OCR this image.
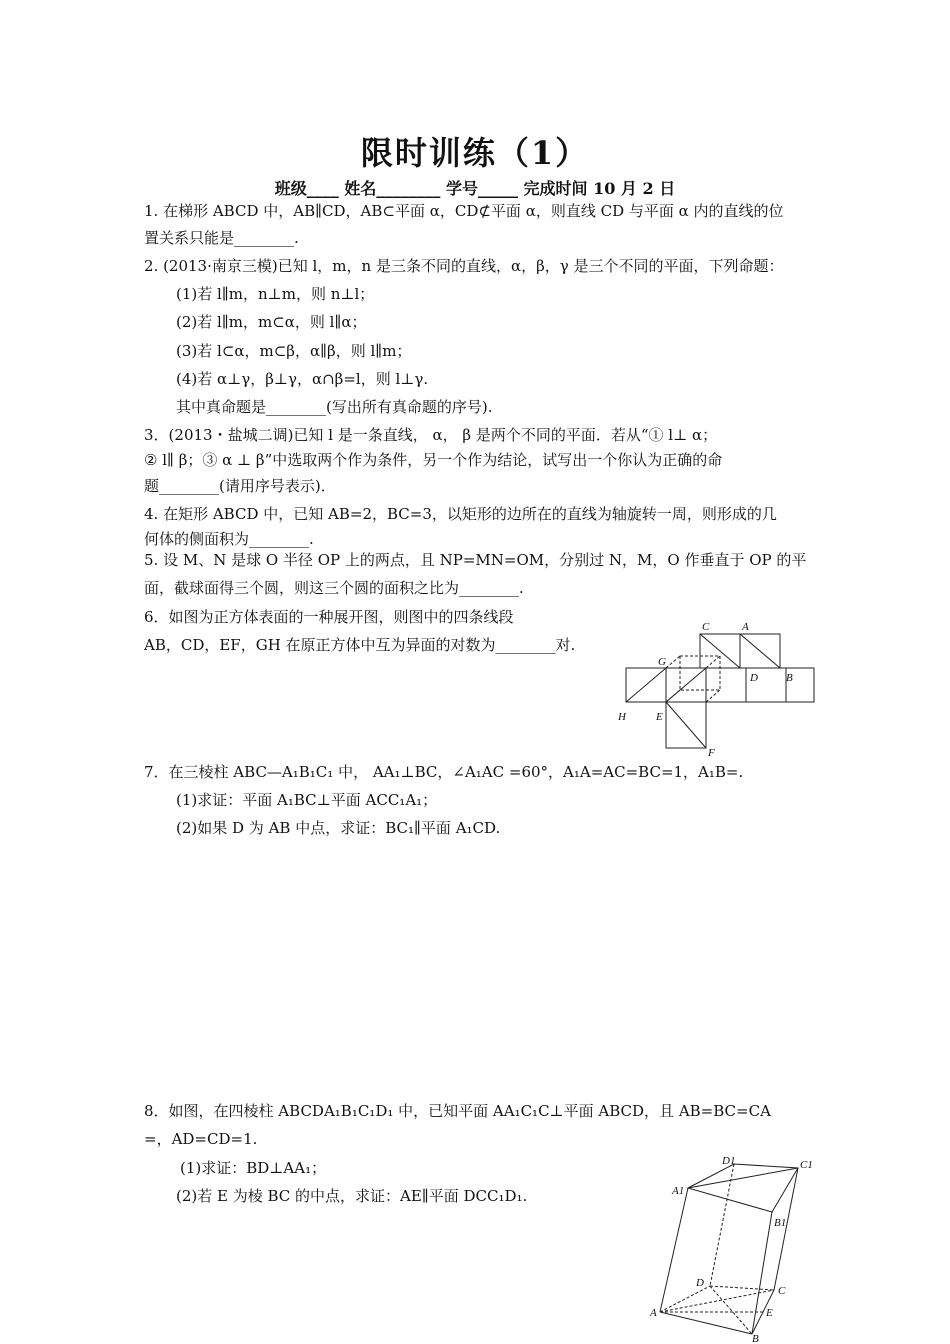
限时训练（1）
班级____ 姓名________ 学号_____ 完成时间 10 月 2 日
1. 在梯形 ABCD 中，AB∥CD，AB⊂平面 α，CD⊄平面 α，则直线 CD 与平面 α 内的直线的位
置关系只能是________.
2. (2013·南京三模)已知 l，m，n 是三条不同的直线，α，β，γ 是三个不同的平面，下列命题：
(1)若 l∥m，n⊥m，则 n⊥l；
(2)若 l∥m，m⊂α，则 l∥α；
(3)若 l⊂α，m⊂β，α∥β，则 l∥m；
(4)若 α⊥γ，β⊥γ，α∩β=l，则 l⊥γ.
其中真命题是________(写出所有真命题的序号).
3．(2013・盐城二调)已知 l 是一条直线， α， β 是两个不同的平面．若从“① l⊥ α；
② l∥ β；③ α ⊥ β”中选取两个作为条件，另一个作为结论，试写出一个你认为正确的命
题________(请用序号表示)．
4. 在矩形 ABCD 中，已知 AB=2，BC=3，以矩形的边所在的直线为轴旋转一周，则形成的几
何体的侧面积为________.
5. 设 M、N 是球 O 半径 OP 上的两点，且 NP=MN=OM，分别过 N，M，O 作垂直于 OP 的平
面，截球面得三个圆，则这三个圆的面积之比为________.
6．如图为正方体表面的一种展开图，则图中的四条线段
AB，CD，EF，GH 在原正方体中互为异面的对数为________对.
C	A
G
D	B
H	E
F
7．在三棱柱 ABC—A₁B₁C₁ 中， AA₁⊥BC，∠A₁AC =60°，A₁A=AC=BC=1，A₁B=.
(1)求证：平面 A₁BC⊥平面 ACC₁A₁；
(2)如果 D 为 AB 中点，求证：BC₁∥平面 A₁CD.
8．如图，在四棱柱 ABCDA₁B₁C₁D₁ 中，已知平面 AA₁C₁C⊥平面 ABCD，且 AB=BC=CA
=，AD=CD=1.
(1)求证：BD⊥AA₁；
(2)若 E 为棱 BC 的中点，求证：AE∥平面 DCC₁D₁.
D1	C1
A1
B1
D
C
A	E
B
